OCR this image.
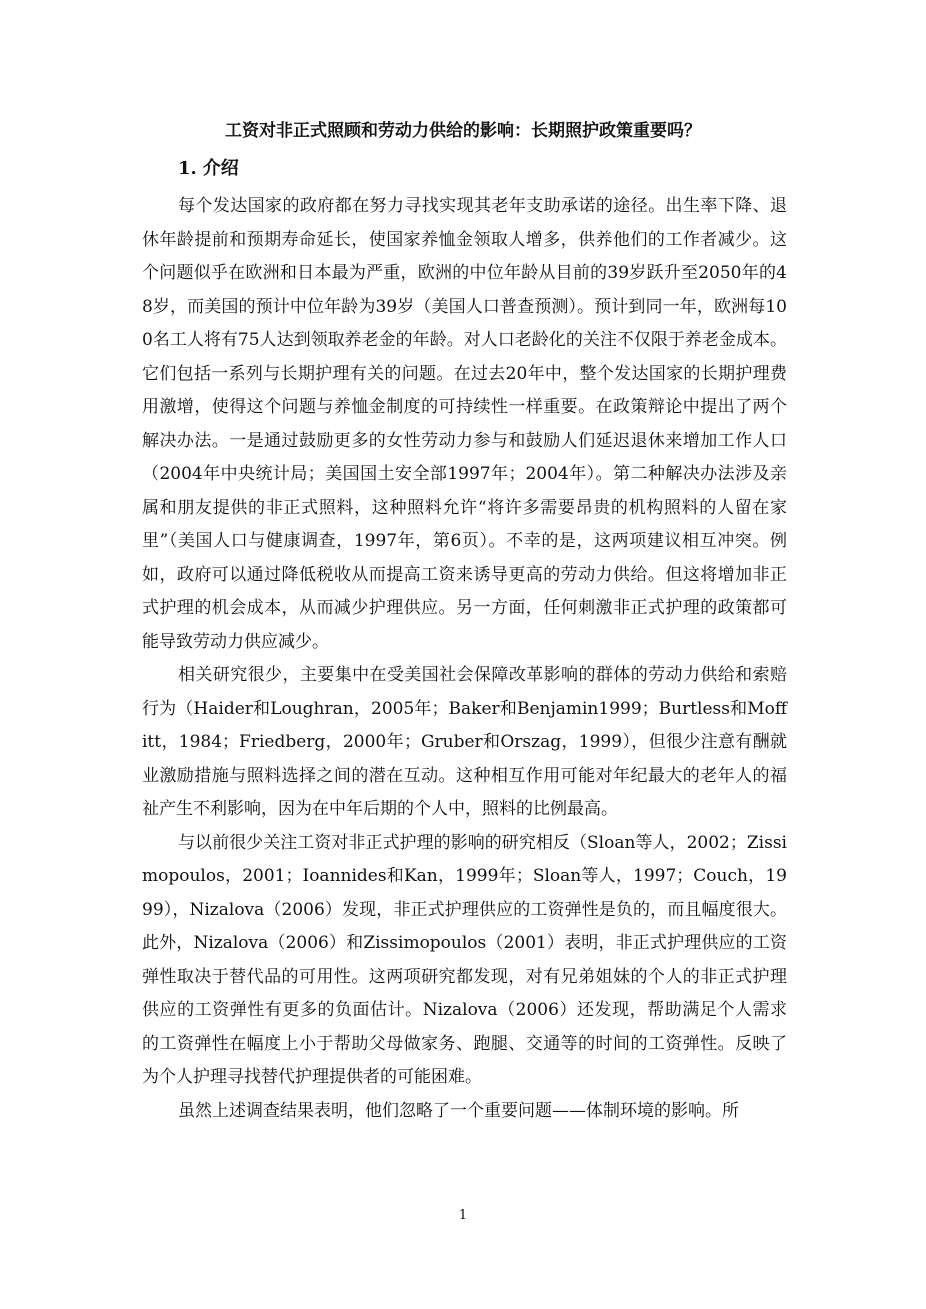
工资对非正式照顾和劳动力供给的影响：长期照护政策重要吗？
1. 介绍

每个发达国家的政府都在努力寻找实现其老年支助承诺的途径。出生率下降、退休年龄提前和预期寿命延长，使国家养恤金领取人增多，供养他们的工作者减少。这个问题似乎在欧洲和日本最为严重，欧洲的中位年龄从目前的39岁跃升至2050年的48岁，而美国的预计中位年龄为39岁（美国人口普查预测）。预计到同一年，欧洲每100名工人将有75人达到领取养老金的年龄。对人口老龄化的关注不仅限于养老金成本。它们包括一系列与长期护理有关的问题。在过去20年中，整个发达国家的长期护理费用激增，使得这个问题与养恤金制度的可持续性一样重要。在政策辩论中提出了两个解决办法。一是通过鼓励更多的女性劳动力参与和鼓励人们延迟退休来增加工作人口（2004年中央统计局；美国国土安全部1997年；2004年）。第二种解决办法涉及亲属和朋友提供的非正式照料，这种照料允许“将许多需要昂贵的机构照料的人留在家里”（美国人口与健康调查，1997年，第6页）。不幸的是，这两项建议相互冲突。例如，政府可以通过降低税收从而提高工资来诱导更高的劳动力供给。但这将增加非正式护理的机会成本，从而减少护理供应。另一方面，任何刺激非正式护理的政策都可能导致劳动力供应减少。

相关研究很少，主要集中在受美国社会保障改革影响的群体的劳动力供给和索赔行为（Haider和Loughran，2005年；Baker和Benjamin1999；Burtless和Moffitt，1984；Friedberg，2000年；Gruber和Orszag，1999），但很少注意有酬就业激励措施与照料选择之间的潜在互动。这种相互作用可能对年纪最大的老年人的福祉产生不利影响，因为在中年后期的个人中，照料的比例最高。

与以前很少关注工资对非正式护理的影响的研究相反（Sloan等人，2002；Zissimopoulos，2001；Ioannides和Kan，1999年；Sloan等人，1997；Couch，1999），Nizalova（2006）发现，非正式护理供应的工资弹性是负的，而且幅度很大。此外，Nizalova（2006）和Zissimopoulos（2001）表明，非正式护理供应的工资弹性取决于替代品的可用性。这两项研究都发现，对有兄弟姐妹的个人的非正式护理供应的工资弹性有更多的负面估计。Nizalova（2006）还发现，帮助满足个人需求的工资弹性在幅度上小于帮助父母做家务、跑腿、交通等的时间的工资弹性。反映了为个人护理寻找替代护理提供者的可能困难。

虽然上述调查结果表明，他们忽略了一个重要问题——体制环境的影响。所

1
